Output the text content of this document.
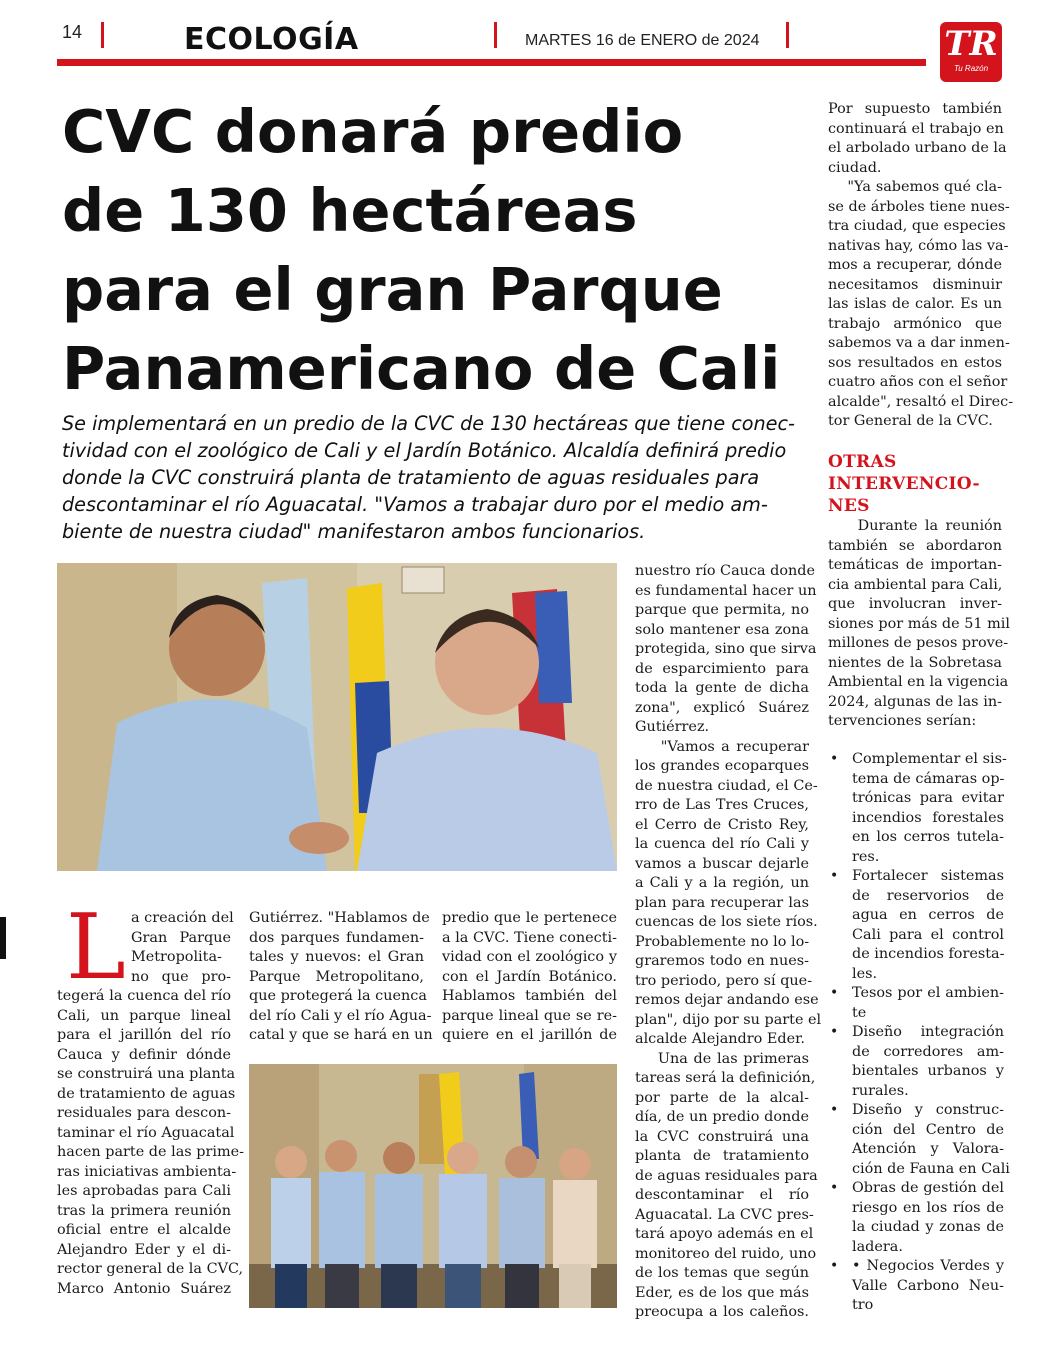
14	ECOLOGÍA	MARTES 16 de ENERO de 2024	TR
Tu Razón
CVC donará predio
de 130 hectáreas
para el gran Parque
Panamericano de Cali
Se implementará en un predio de la CVC de 130 hectáreas que tiene conec-
tividad con el zoológico de Cali y el Jardín Botánico. Alcaldía definirá predio
donde la CVC construirá planta de tratamiento de aguas residuales para
descontaminar el río Aguacatal. "Vamos a trabajar duro por el medio am-
biente de nuestra ciudad" manifestaron ambos funcionarios.
L a creación del
Gran Parque
Metropolita-
no que pro-
tegerá la cuenca del río
Cali, un parque lineal
para el jarillón del río
Cauca y definir dónde
se construirá una planta
de tratamiento de aguas
residuales para descon-
taminar el río Aguacatal
hacen parte de las prime-
ras iniciativas ambienta-
les aprobadas para Cali
tras la primera reunión
oficial entre el alcalde
Alejandro Eder y el di-
rector general de la CVC,
Marco Antonio Suárez
Gutiérrez. "Hablamos de
dos parques fundamen-
tales y nuevos: el Gran
Parque Metropolitano,
que protegerá la cuenca
del río Cali y el río Agua-
catal y que se hará en un
predio que le pertenece
a la CVC. Tiene conecti-
vidad con el zoológico y
con el Jardín Botánico.
Hablamos también del
parque lineal que se re-
quiere en el jarillón de
nuestro río Cauca donde
es fundamental hacer un
parque que permita, no
solo mantener esa zona
protegida, sino que sirva
de esparcimiento para
toda la gente de dicha
zona", explicó Suárez
Gutiérrez.
"Vamos a recuperar
los grandes ecoparques
de nuestra ciudad, el Ce-
rro de Las Tres Cruces,
el Cerro de Cristo Rey,
la cuenca del río Cali y
vamos a buscar dejarle
a Cali y a la región, un
plan para recuperar las
cuencas de los siete ríos.
Probablemente no lo lo-
graremos todo en nues-
tro periodo, pero sí que-
remos dejar andando ese
plan", dijo por su parte el
alcalde Alejandro Eder.
Una de las primeras
tareas será la definición,
por parte de la alcal-
día, de un predio donde
la CVC construirá una
planta de tratamiento
de aguas residuales para
descontaminar el río
Aguacatal. La CVC pres-
tará apoyo además en el
monitoreo del ruido, uno
de los temas que según
Eder, es de los que más
preocupa a los caleños.
Por supuesto también
continuará el trabajo en
el arbolado urbano de la
ciudad.
"Ya sabemos qué cla-
se de árboles tiene nues-
tra ciudad, que especies
nativas hay, cómo las va-
mos a recuperar, dónde
necesitamos disminuir
las islas de calor. Es un
trabajo armónico que
sabemos va a dar inmen-
sos resultados en estos
cuatro años con el señor
alcalde", resaltó el Direc-
tor General de la CVC.
OTRAS
INTERVENCIO-
NES
Durante la reunión
también se abordaron
temáticas de importan-
cia ambiental para Cali,
que involucran inver-
siones por más de 51 mil
millones de pesos prove-
nientes de la Sobretasa
Ambiental en la vigencia
2024, algunas de las in-
tervenciones serían:
• Complementar el sis-
tema de cámaras op-
trónicas para evitar
incendios forestales
en los cerros tutela-
res.
• Fortalecer sistemas
de reservorios de
agua en cerros de
Cali para el control
de incendios foresta-
les.
• Tesos por el ambien-
te
• Diseño integración
de corredores am-
bientales urbanos y
rurales.
• Diseño y construc-
ción del Centro de
Atención y Valora-
ción de Fauna en Cali
• Obras de gestión del
riesgo en los ríos de
la ciudad y zonas de
ladera.
• • Negocios Verdes y
Valle Carbono Neu-
tro
